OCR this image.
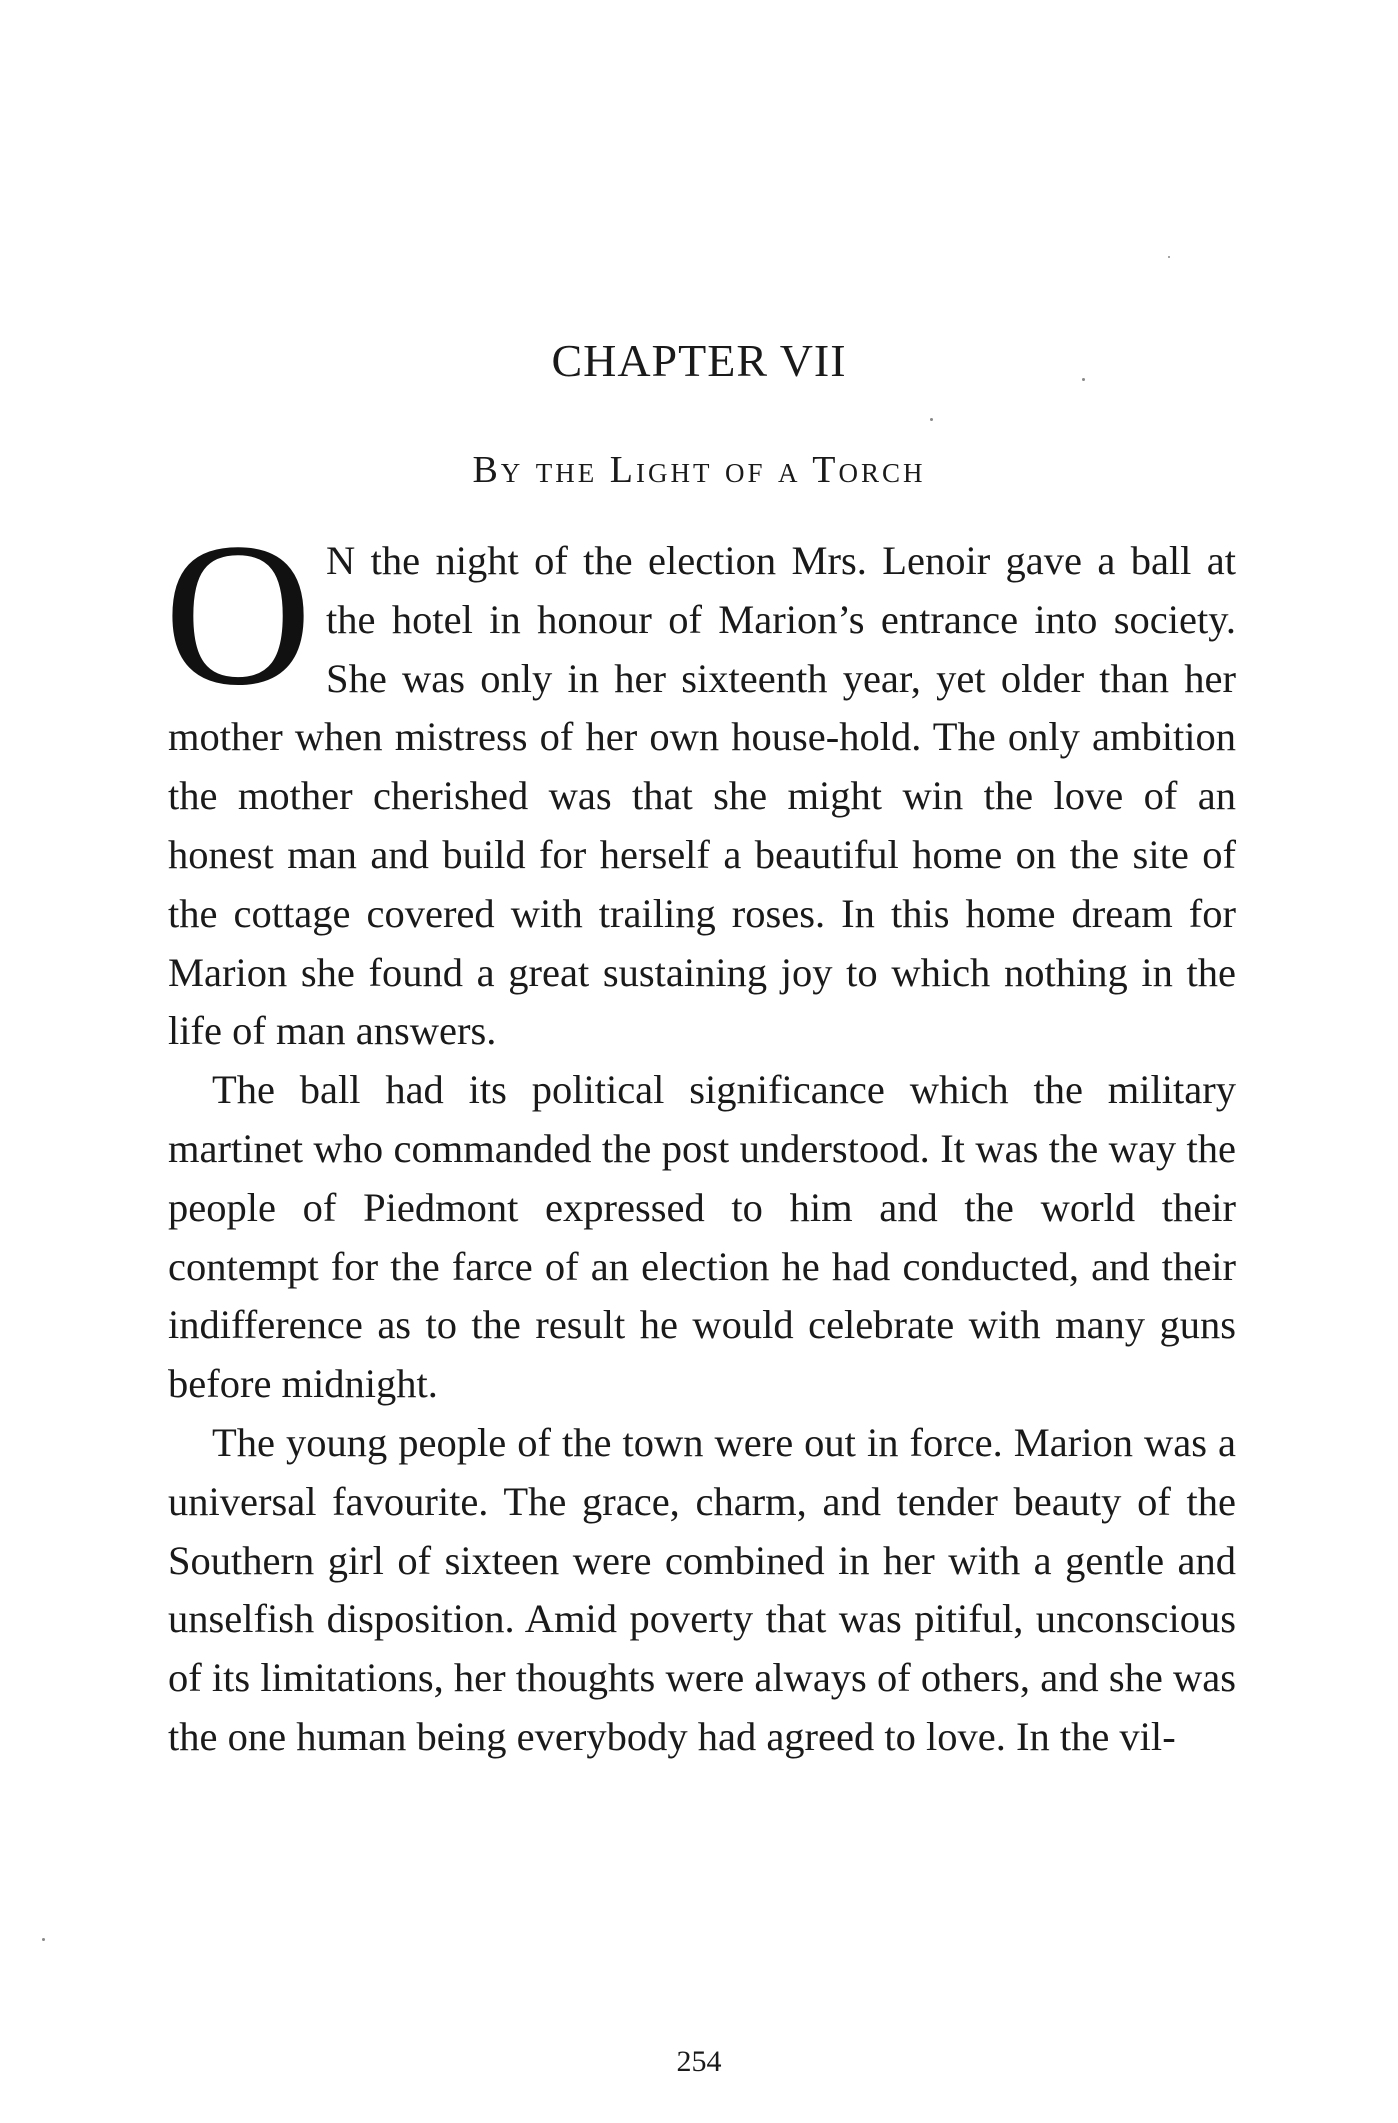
CHAPTER VII
By the Light of a Torch

O N the night of the election Mrs. Lenoir gave a ball at the hotel in honour of Marion’s entrance into society. She was only in her sixteenth year, yet older than her mother when mistress of her own house-hold. The only ambition the mother cherished was that she might win the love of an honest man and build for herself a beautiful home on the site of the cottage covered with trailing roses. In this home dream for Marion she found a great sustaining joy to which nothing in the life of man answers.

The ball had its political significance which the military martinet who commanded the post understood. It was the way the people of Piedmont expressed to him and the world their contempt for the farce of an election he had conducted, and their indifference as to the result he would celebrate with many guns before midnight.

The young people of the town were out in force. Marion was a universal favourite. The grace, charm, and tender beauty of the Southern girl of sixteen were combined in her with a gentle and unselfish disposition. Amid poverty that was pitiful, unconscious of its limitations, her thoughts were always of others, and she was the one human being everybody had agreed to love. In the vil-

254
